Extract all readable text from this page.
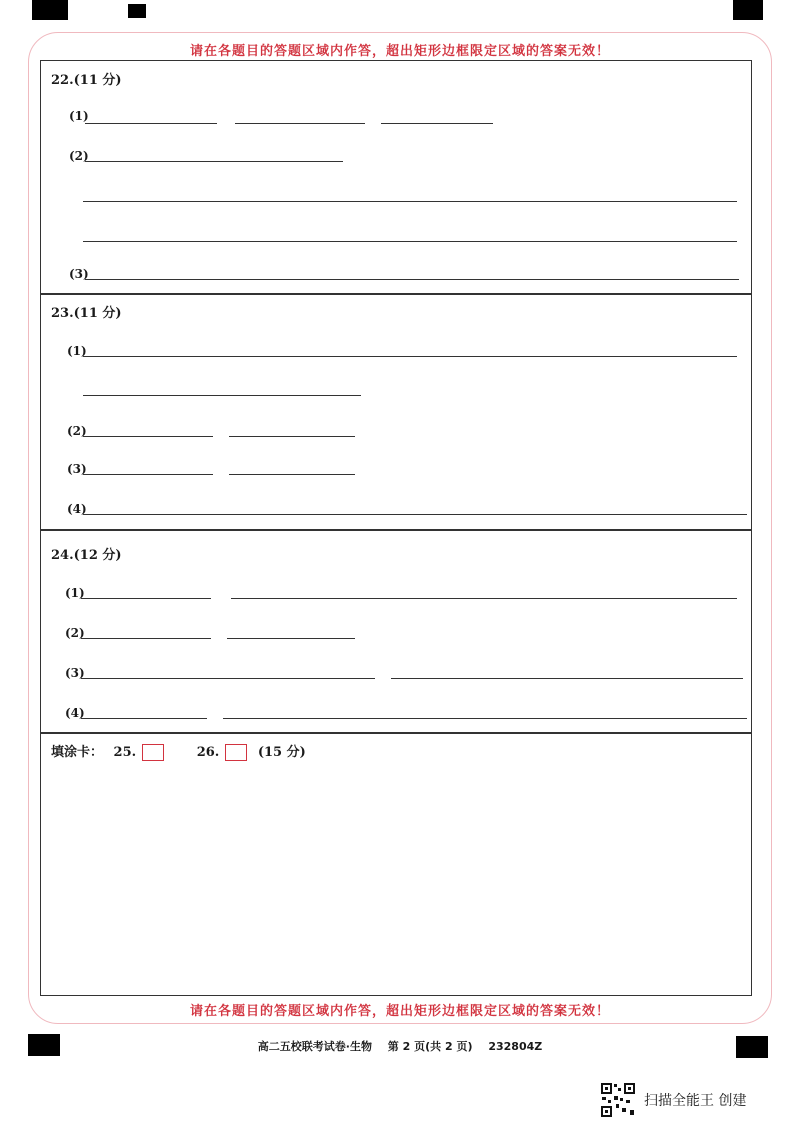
请在各题目的答题区域内作答，超出矩形边框限定区域的答案无效！
22.(11 分)
(1)
(2)
(3)
23.(11 分)
(1)
(2)
(3)
(4)
24.(12 分)
(1)
(2)
(3)
(4)
填涂卡： 25.	26.	(15 分)
请在各题目的答题区域内作答，超出矩形边框限定区域的答案无效！
高二五校联考试卷·生物 第 2 页(共 2 页) 232804Z
扫描全能王 创建
